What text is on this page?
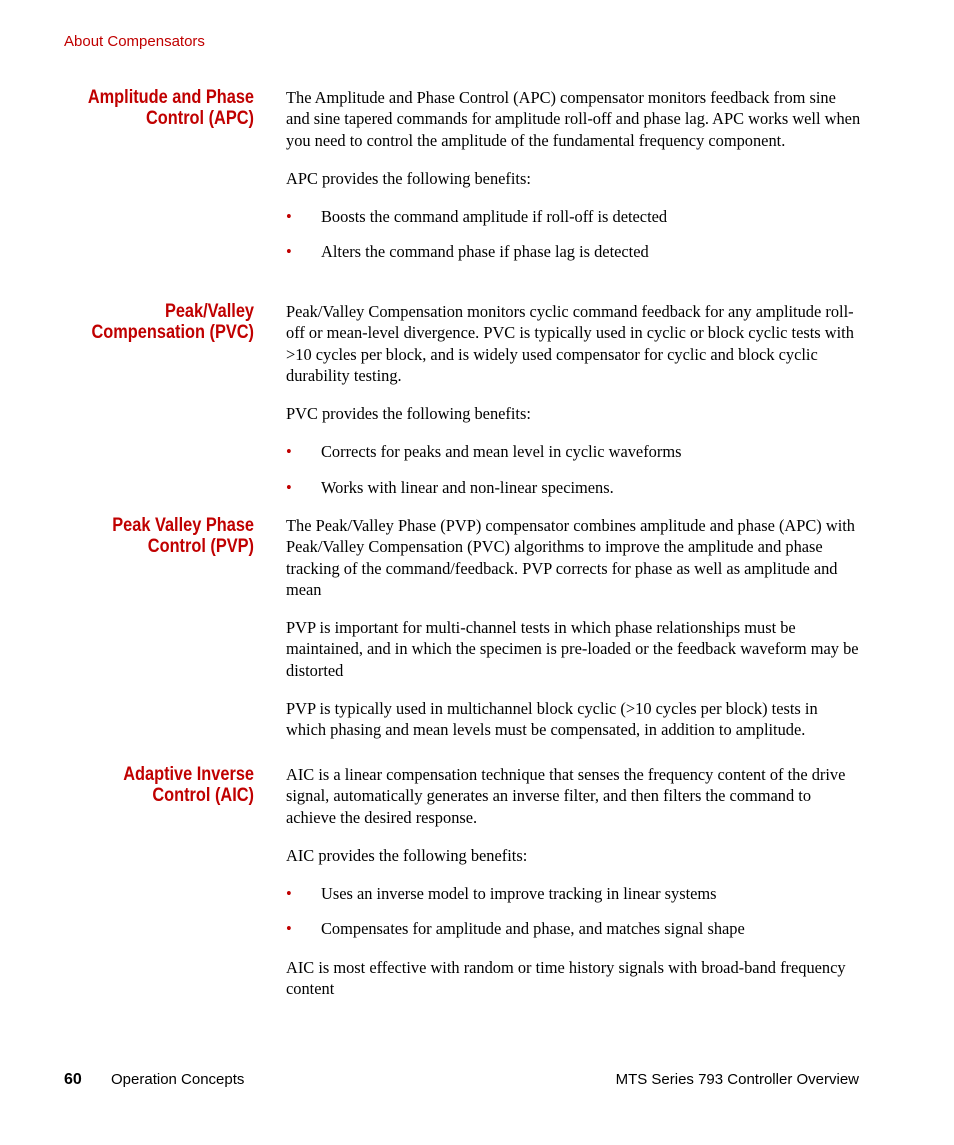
About Compensators
Amplitude and Phase
Control (APC)

The Amplitude and Phase Control (APC) compensator monitors feedback from sine and sine tapered commands for amplitude roll-off and phase lag. APC works well when you need to control the amplitude of the fundamental frequency component.

APC provides the following benefits:

• Boosts the command amplitude if roll-off is detected
• Alters the command phase if phase lag is detected
Peak/Valley
Compensation (PVC)

Peak/Valley Compensation monitors cyclic command feedback for any amplitude roll-off or mean-level divergence. PVC is typically used in cyclic or block cyclic tests with >10 cycles per block, and is widely used compensator for cyclic and block cyclic durability testing.

PVC provides the following benefits:

• Corrects for peaks and mean level in cyclic waveforms
• Works with linear and non-linear specimens.
Peak Valley Phase
Control (PVP)

The Peak/Valley Phase (PVP) compensator combines amplitude and phase (APC) with Peak/Valley Compensation (PVC) algorithms to improve the amplitude and phase tracking of the command/feedback. PVP corrects for phase as well as amplitude and mean

PVP is important for multi-channel tests in which phase relationships must be maintained, and in which the specimen is pre-loaded or the feedback waveform may be distorted

PVP is typically used in multichannel block cyclic (>10 cycles per block) tests in which phasing and mean levels must be compensated, in addition to amplitude.

Adaptive Inverse
Control (AIC)

AIC is a linear compensation technique that senses the frequency content of the drive signal, automatically generates an inverse filter, and then filters the command to achieve the desired response.

AIC provides the following benefits:

• Uses an inverse model to improve tracking in linear systems
• Compensates for amplitude and phase, and matches signal shape

AIC is most effective with random or time history signals with broad-band frequency content

60 Operation Concepts	MTS Series 793 Controller Overview
